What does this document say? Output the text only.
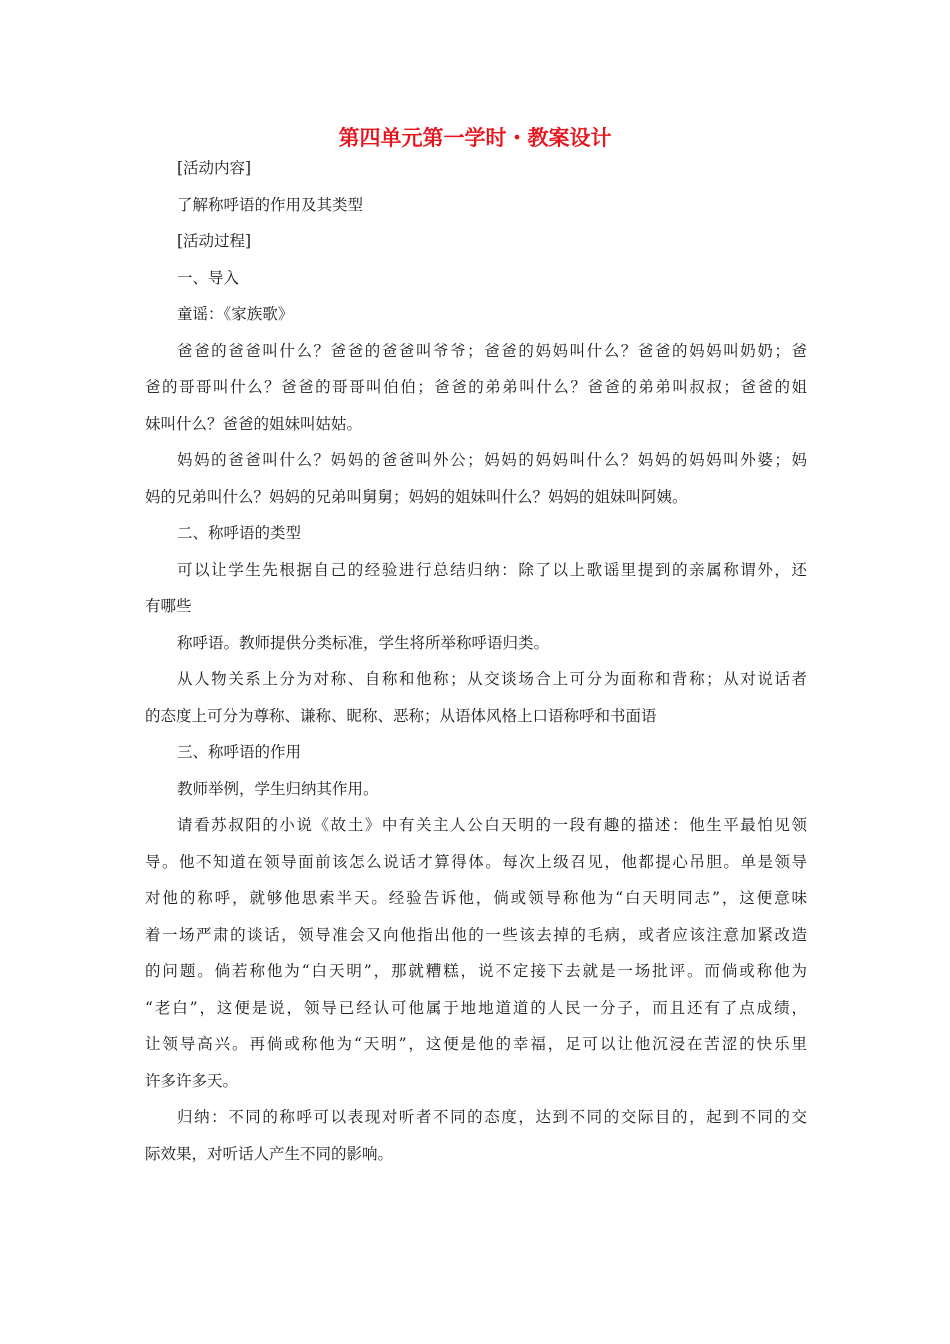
第四单元第一学时・教案设计
[活动内容]
了解称呼语的作用及其类型
[活动过程]
一、导入
童谣：《家族歌》
爸爸的爸爸叫什么？爸爸的爸爸叫爷爷；爸爸的妈妈叫什么？爸爸的妈妈叫奶奶；爸
爸的哥哥叫什么？爸爸的哥哥叫伯伯；爸爸的弟弟叫什么？爸爸的弟弟叫叔叔；爸爸的姐
妹叫什么？爸爸的姐妹叫姑姑。
妈妈的爸爸叫什么？妈妈的爸爸叫外公；妈妈的妈妈叫什么？妈妈的妈妈叫外婆；妈
妈的兄弟叫什么？妈妈的兄弟叫舅舅；妈妈的姐妹叫什么？妈妈的姐妹叫阿姨。
二、称呼语的类型
可以让学生先根据自己的经验进行总结归纳：除了以上歌谣里提到的亲属称谓外，还
有哪些
称呼语。教师提供分类标准，学生将所举称呼语归类。
从人物关系上分为对称、自称和他称；从交谈场合上可分为面称和背称；从对说话者
的态度上可分为尊称、谦称、昵称、恶称；从语体风格上口语称呼和书面语
三、称呼语的作用
教师举例，学生归纳其作用。
请看苏叔阳的小说《故土》中有关主人公白天明的一段有趣的描述：他生平最怕见领
导。他不知道在领导面前该怎么说话才算得体。每次上级召见，他都提心吊胆。单是领导
对他的称呼，就够他思索半天。经验告诉他，倘或领导称他为“白天明同志”，这便意味
着一场严肃的谈话，领导准会又向他指出他的一些该去掉的毛病，或者应该注意加紧改造
的问题。倘若称他为“白天明”，那就糟糕，说不定接下去就是一场批评。而倘或称他为
“老白”，这便是说，领导已经认可他属于地地道道的人民一分子，而且还有了点成绩，
让领导高兴。再倘或称他为“天明”，这便是他的幸福，足可以让他沉浸在苦涩的快乐里
许多许多天。
归纳：不同的称呼可以表现对听者不同的态度，达到不同的交际目的，起到不同的交
际效果，对听话人产生不同的影响。
